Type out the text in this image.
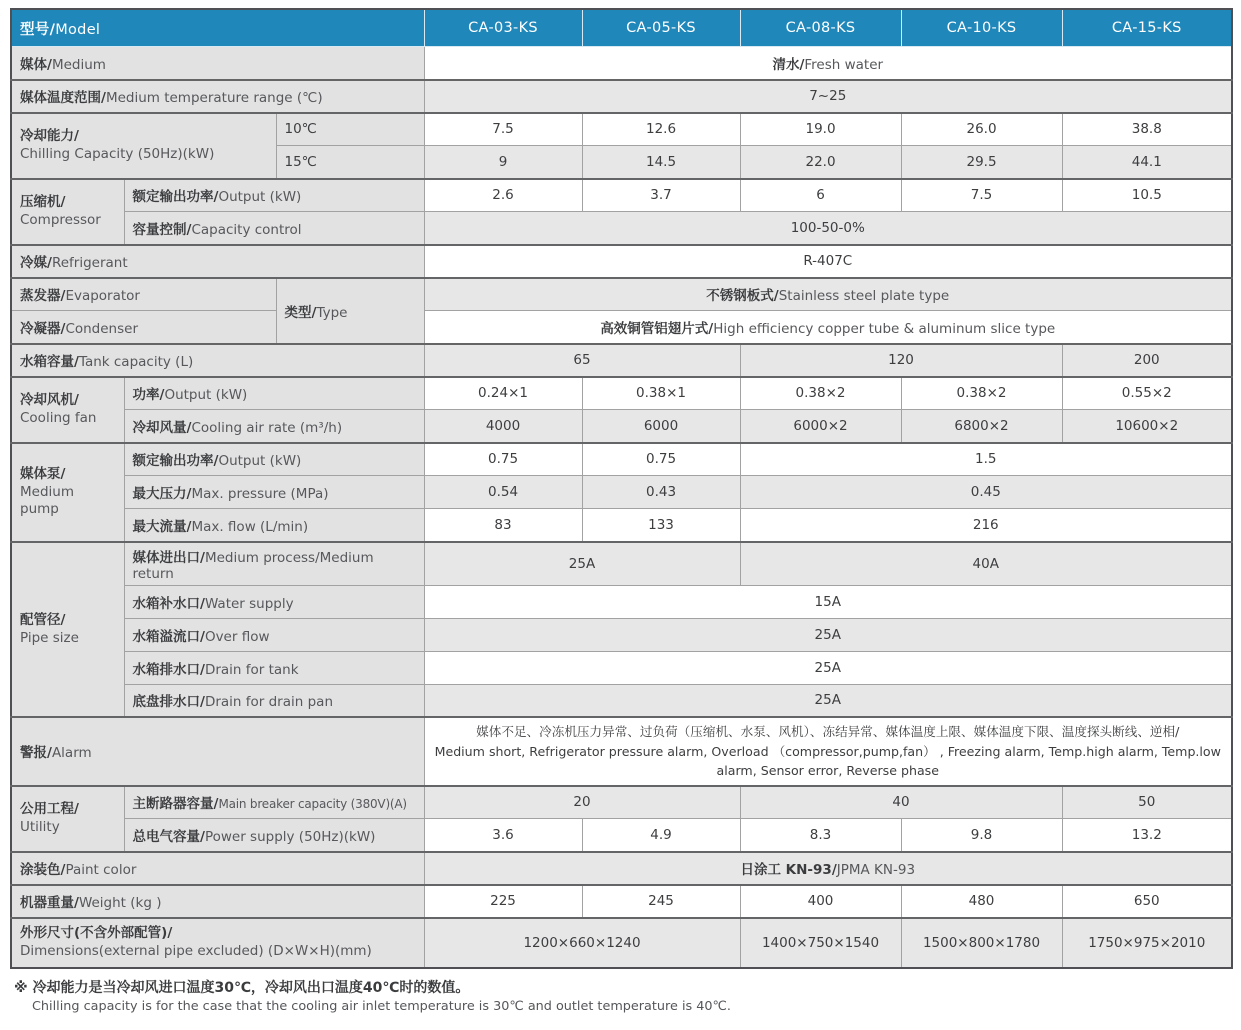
型号/Model			CA-03-KS	CA-05-KS	CA-08-KS	CA-10-KS	CA-15-KS
媒体/Medium			清水/Fresh water				
媒体温度范围/Medium temperature range (℃)			7~25				

冷却能力/
Chilling Capacity (50Hz)(kW)		10℃	7.5	12.6	19.0	26.0	38.8
		15℃	9	14.5	22.0	29.5	44.1

压缩机/
Compressor	额定输出功率/Output (kW)		2.6	3.7	6	7.5	10.5
	容量控制/Capacity control		100-50-0%				
冷媒/Refrigerant			R-407C				
蒸发器/Evaporator		类型/Type	不锈钢板式/Stainless steel plate type				
冷凝器/Condenser			高效铜管铝翅片式/High efficiency copper tube & aluminum slice type				
水箱容量/Tank capacity (L)			65		120		200

冷却风机/
Cooling fan	功率/Output (kW)		0.24×1	0.38×1	0.38×2	0.38×2	0.55×2
	冷却风量/Cooling air rate (m³/h)		4000	6000	6000×2	6800×2	10600×2

媒体泵/
Medium pump	额定输出功率/Output (kW)		0.75	0.75	1.5		
	最大压力/Max. pressure (MPa)		0.54	0.43	0.45		
	最大流量/Max. flow (L/min)		83	133	216		

配管径/
Pipe size	媒体进出口/Medium process/Medium return		25A		40A		
	水箱补水口/Water supply		15A				
	水箱溢流口/Over flow		25A				
	水箱排水口/Drain for tank		25A				
	底盘排水口/Drain for drain pan		25A				
警报/Alarm			媒体不足、冷冻机压力异常、过负荷（压缩机、水泵、风机）、冻结异常、媒体温度上限、媒体温度下限、温度探头断线、逆相/
Medium short, Refrigerator pressure alarm, Overload （compressor,pump,fan） , Freezing alarm, Temp.high alarm, Temp.low alarm, Sensor error, Reverse phase				

公用工程/
Utility	主断路器容量/Main breaker capacity (380V)(A)		20		40		50
	总电气容量/Power supply (50Hz)(kW)		3.6	4.9	8.3	9.8	13.2
涂装色/Paint color			日涂工 KN-93/JPMA KN-93				
机器重量/Weight (kg )			225	245	400	480	650

外形尺寸(不含外部配管)/
Dimensions(external pipe excluded) (D×W×H)(mm)			1200×660×1240		1400×750×1540	1500×800×1780	1750×975×2010
※ 冷却能力是当冷却风进口温度30℃，冷却风出口温度40℃时的数值。
Chilling capacity is for the case that the cooling air inlet temperature is 30℃ and outlet temperature is 40℃.
